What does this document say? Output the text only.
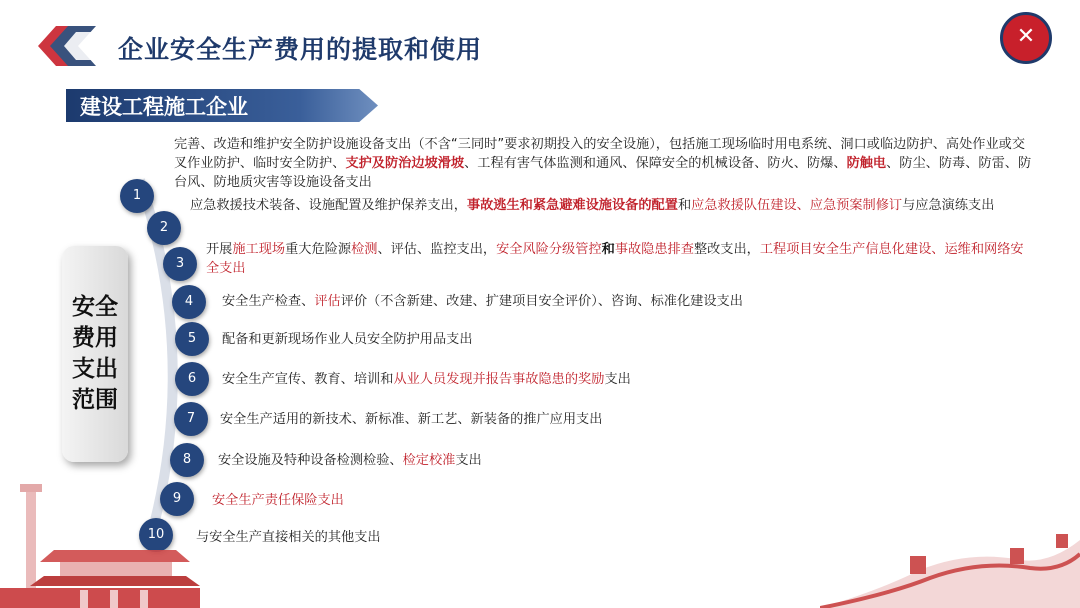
企业安全生产费用的提取和使用	✕
建设工程施工企业
安全费用支出范围
1
2
3
4
5
6
7
8
9
10
完善、改造和维护安全防护设施设备支出（不含“三同时”要求初期投入的安全设施），包括施工现场临时用电系统、洞口或临边防护、高处作业或交叉作业防护、临时安全防护、支护及防治边坡滑坡、工程有害气体监测和通风、保障安全的机械设备、防火、防爆、防触电、防尘、防毒、防雷、防台风、防地质灾害等设施设备支出
应急救援技术装备、设施配置及维护保养支出，事故逃生和紧急避难设施设备的配置和应急救援队伍建设、应急预案制修订与应急演练支出
开展施工现场重大危险源检测、评估、监控支出，安全风险分级管控和事故隐患排查整改支出，工程项目安全生产信息化建设、运维和网络安全支出
安全生产检查、评估评价（不含新建、改建、扩建项目安全评价）、咨询、标准化建设支出
配备和更新现场作业人员安全防护用品支出
安全生产宣传、教育、培训和从业人员发现并报告事故隐患的奖励支出
安全生产适用的新技术、新标准、新工艺、新装备的推广应用支出
安全设施及特种设备检测检验、检定校准支出
安全生产责任保险支出
与安全生产直接相关的其他支出
